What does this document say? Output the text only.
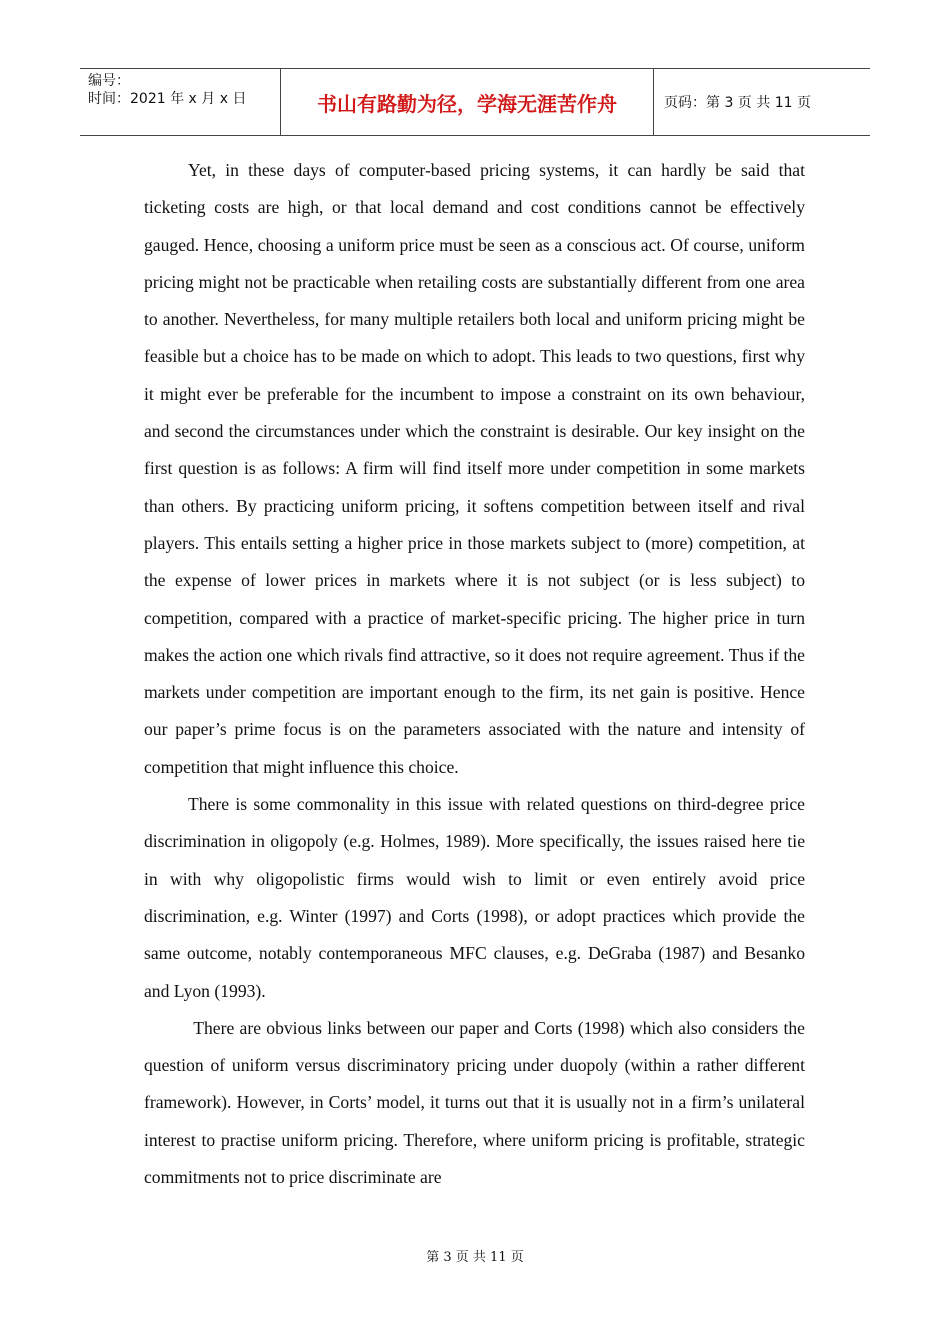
编号：
时间：2021 年 x 月 x 日	书山有路勤为径，学海无涯苦作舟	页码：第 3 页 共 11 页

Yet, in these days of computer-based pricing systems, it can hardly be said that ticketing costs are high, or that local demand and cost conditions cannot be effectively gauged. Hence, choosing a uniform price must be seen as a conscious act. Of course, uniform pricing might not be practicable when retailing costs are substantially different from one area to another. Nevertheless, for many multiple retailers both local and uniform pricing might be feasible but a choice has to be made on which to adopt. This leads to two questions, first why it might ever be preferable for the incumbent to impose a constraint on its own behaviour, and second the circumstances under which the constraint is desirable. Our key insight on the first question is as follows: A firm will find itself more under competition in some markets than others. By practicing uniform pricing, it softens competition between itself and rival players. This entails setting a higher price in those markets subject to (more) competition, at the expense of lower prices in markets where it is not subject (or is less subject) to competition, compared with a practice of market-specific pricing. The higher price in turn makes the action one which rivals find attractive, so it does not require agreement. Thus if the markets under competition are important enough to the firm, its net gain is positive. Hence our paper’s prime focus is on the parameters associated with the nature and intensity of competition that might influence this choice.

There is some commonality in this issue with related questions on third-degree price discrimination in oligopoly (e.g. Holmes, 1989). More specifically, the issues raised here tie in with why oligopolistic firms would wish to limit or even entirely avoid price discrimination, e.g. Winter (1997) and Corts (1998), or adopt practices which provide the same outcome, notably contemporaneous MFC clauses, e.g. DeGraba (1987) and Besanko and Lyon (1993).

There are obvious links between our paper and Corts (1998) which also considers the question of uniform versus discriminatory pricing under duopoly (within a rather different framework). However, in Corts’ model, it turns out that it is usually not in a firm’s unilateral interest to practise uniform pricing. Therefore, where uniform pricing is profitable, strategic commitments not to price discriminate are

第 3 页 共 11 页
